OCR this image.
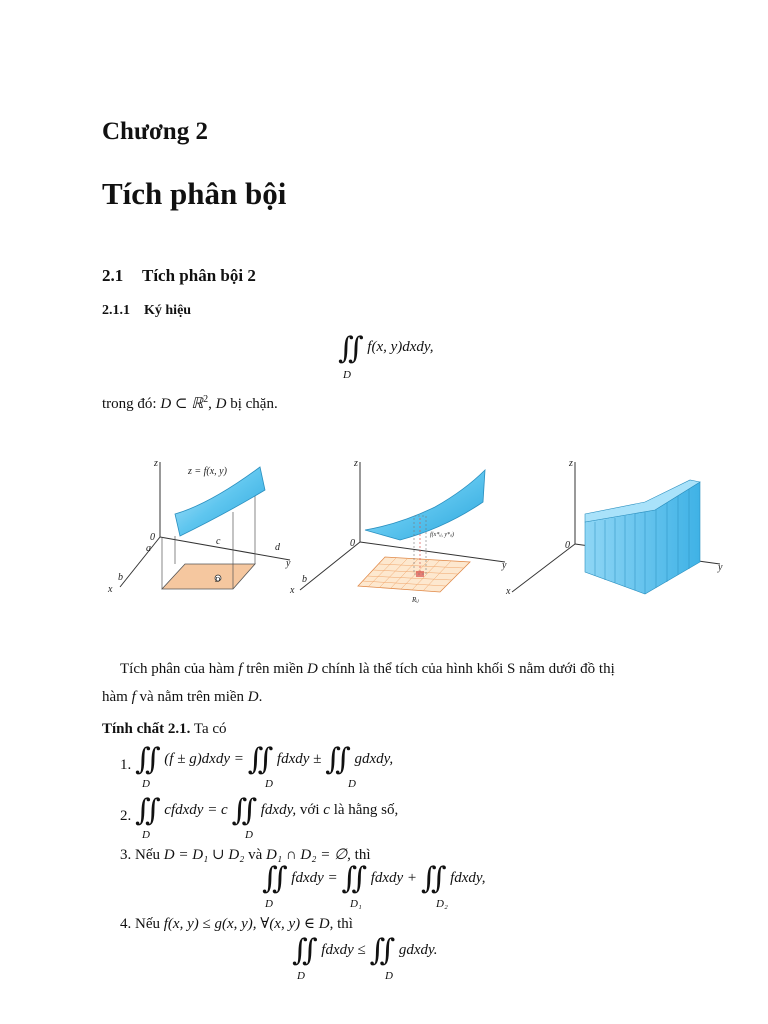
Chương 2
Tích phân bội
2.1 Tích phân bội 2
2.1.1 Ký hiệu
∬ f(x, y)dxdy,
D
trong đó: D ⊂ ℝ$^2$, D bị chặn.
z
z = f(x, y)
0
a
b
c
d
x
y
D
z
0
f(x*ᵢⱼ, y*ᵢⱼ)
Rᵢⱼ
b
x
y
z
0
x
y
Tích phân của hàm f trên miền D chính là thể tích của hình khối S nằm dưới đồ thị
hàm f và nằm trên miền D.
Tính chất 2.1. Ta có
1. ∬ (f ± g)dxdy = ∬ fdxdy ± ∬ gdxdy,
D	D	D
2. ∬ cfdxdy = c ∬ fdxdy, với c là hằng số,
D	D
3. Nếu D = D₁ ∪ D₂ và D₁ ∩ D₂ = ∅, thì
∬ fdxdy = ∬ fdxdy + ∬ fdxdy,
D	D₁	D₂
4. Nếu f(x, y) ≤ g(x, y), ∀(x, y) ∈ D, thì
∬ fdxdy ≤ ∬ gdxdy.
D	D
